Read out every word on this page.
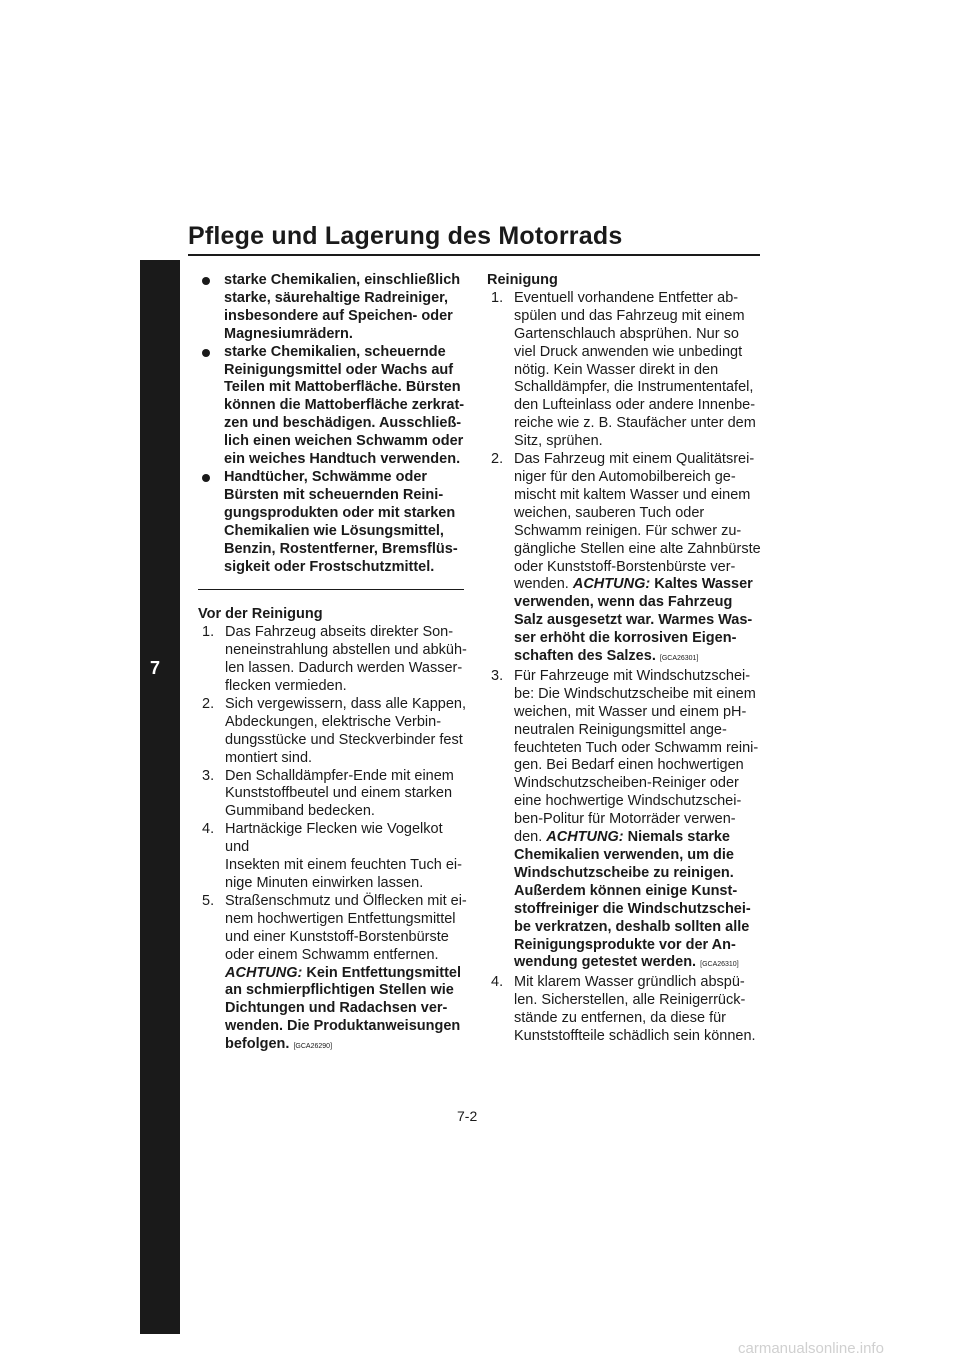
Pflege und Lagerung des Motorrads
7
starke Chemikalien, einschließlich
starke, säurehaltige Radreiniger,
insbesondere auf Speichen- oder
Magnesiumrädern.
starke Chemikalien, scheuernde
Reinigungsmittel oder Wachs auf
Teilen mit Mattoberfläche. Bürsten
können die Mattoberfläche zerkrat-
zen und beschädigen. Ausschließ-
lich einen weichen Schwamm oder
ein weiches Handtuch verwenden.
Handtücher, Schwämme oder
Bürsten mit scheuernden Reini-
gungsprodukten oder mit starken
Chemikalien wie Lösungsmittel,
Benzin, Rostentferner, Bremsflüs-
sigkeit oder Frostschutzmittel.
Vor der Reinigung
1. Das Fahrzeug abseits direkter Son-
neneinstrahlung abstellen und abküh-
len lassen. Dadurch werden Wasser-
flecken vermieden.
2. Sich vergewissern, dass alle Kappen,
Abdeckungen, elektrische Verbin-
dungsstücke und Steckverbinder fest
montiert sind.
3. Den Schalldämpfer-Ende mit einem
Kunststoffbeutel und einem starken
Gummiband bedecken.
4. Hartnäckige Flecken wie Vogelkot und
Insekten mit einem feuchten Tuch ei-
nige Minuten einwirken lassen.
5. Straßenschmutz und Ölflecken mit ei-
nem hochwertigen Entfettungsmittel
und einer Kunststoff-Borstenbürste
oder einem Schwamm entfernen.
ACHTUNG: Kein Entfettungsmittel
an schmierpflichtigen Stellen wie
Dichtungen und Radachsen ver-
wenden. Die Produktanweisungen
befolgen. [GCA26290]
Reinigung
1. Eventuell vorhandene Entfetter ab-
spülen und das Fahrzeug mit einem
Gartenschlauch absprühen. Nur so
viel Druck anwenden wie unbedingt
nötig. Kein Wasser direkt in den
Schalldämpfer, die Instrumententafel,
den Lufteinlass oder andere Innenbe-
reiche wie z. B. Staufächer unter dem
Sitz, sprühen.
2. Das Fahrzeug mit einem Qualitätsrei-
niger für den Automobilbereich ge-
mischt mit kaltem Wasser und einem
weichen, sauberen Tuch oder
Schwamm reinigen. Für schwer zu-
gängliche Stellen eine alte Zahnbürste
oder Kunststoff-Borstenbürste ver-
wenden. ACHTUNG: Kaltes Wasser
verwenden, wenn das Fahrzeug
Salz ausgesetzt war. Warmes Was-
ser erhöht die korrosiven Eigen-
schaften des Salzes. [GCA26301]
3. Für Fahrzeuge mit Windschutzschei-
be: Die Windschutzscheibe mit einem
weichen, mit Wasser und einem pH-
neutralen Reinigungsmittel ange-
feuchteten Tuch oder Schwamm reini-
gen. Bei Bedarf einen hochwertigen
Windschutzscheiben-Reiniger oder
eine hochwertige Windschutzschei-
ben-Politur für Motorräder verwen-
den. ACHTUNG: Niemals starke
Chemikalien verwenden, um die
Windschutzscheibe zu reinigen.
Außerdem können einige Kunst-
stoffreiniger die Windschutzschei-
be verkratzen, deshalb sollten alle
Reinigungsprodukte vor der An-
wendung getestet werden. [GCA26310]
4. Mit klarem Wasser gründlich abspü-
len. Sicherstellen, alle Reinigerrück-
stände zu entfernen, da diese für
Kunststoffteile schädlich sein können.
7-2
carmanualsonline.info
